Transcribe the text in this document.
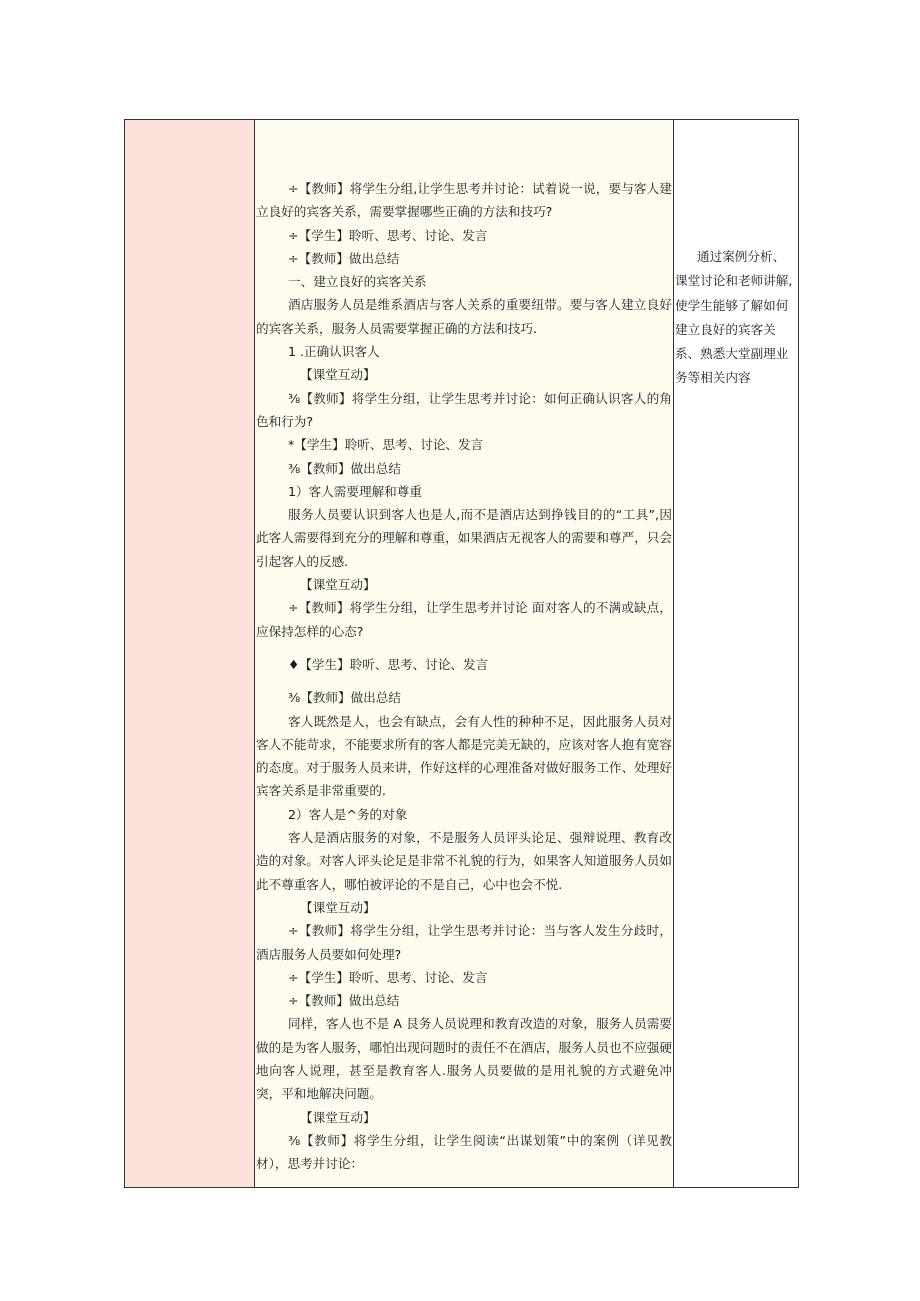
÷【教师】将学生分组,让学生思考并讨论：试着说一说，要与客人建立良好的宾客关系，需要掌握哪些正确的方法和技巧?

÷【学生】聆听、思考、讨论、发言

÷【教师】做出总结

一、建立良好的宾客关系

酒店服务人员是维系酒店与客人关系的重要纽带。要与客人建立良好的宾客关系，服务人员需要掌握正确的方法和技巧.

1 .正确认识客人

【课堂互动】

⅜【教师】将学生分组，让学生思考并讨论：如何正确认识客人的角色和行为?

*【学生】聆听、思考、讨论、发言

⅜【教师】做出总结

1）客人需要理解和尊重

服务人员要认识到客人也是人,而不是酒店达到挣钱目的的“工具”,因此客人需要得到充分的理解和尊重，如果酒店无视客人的需要和尊严，只会引起客人的反感.

【课堂互动】

÷【教师】将学生分组，让学生思考并讨论 面对客人的不满或缺点，应保持怎样的心态?

♦【学生】聆听、思考、讨论、发言

⅜【教师】做出总结

客人既然是人，也会有缺点，会有人性的种种不足，因此服务人员对客人不能苛求，不能要求所有的客人都是完美无缺的，应该对客人抱有宽容的态度。对于服务人员来讲，作好这样的心理准备对做好服务工作、处理好宾客关系是非常重要的.

2）客人是^务的对象

客人是酒店服务的对象，不是服务人员评头论足、强辩说理、教育改造的对象。对客人评头论足是非常不礼貌的行为，如果客人知道服务人员如此不尊重客人，哪怕被评论的不是自己，心中也会不悦.

【课堂互动】

÷【教师】将学生分组，让学生思考并讨论：当与客人发生分歧时，酒店服务人员要如何处理?

÷【学生】聆听、思考、讨论、发言

÷【教师】做出总结

同样，客人也不是 A 艮务人员说理和教育改造的对象，服务人员需要做的是为客人服务，哪怕出现问题时的责任不在酒店，服务人员也不应强硬地向客人说理，甚至是教育客人.服务人员要做的是用礼貌的方式避免冲突，平和地解决问题。

【课堂互动】

⅜【教师】将学生分组，让学生阅读“出谋划策”中的案例（详见教材），思考并讨论：

通过案例分析、课堂讨论和老师讲解,使学生能够了解如何建立良好的宾客关系、熟悉大堂副理业务等相关内容
